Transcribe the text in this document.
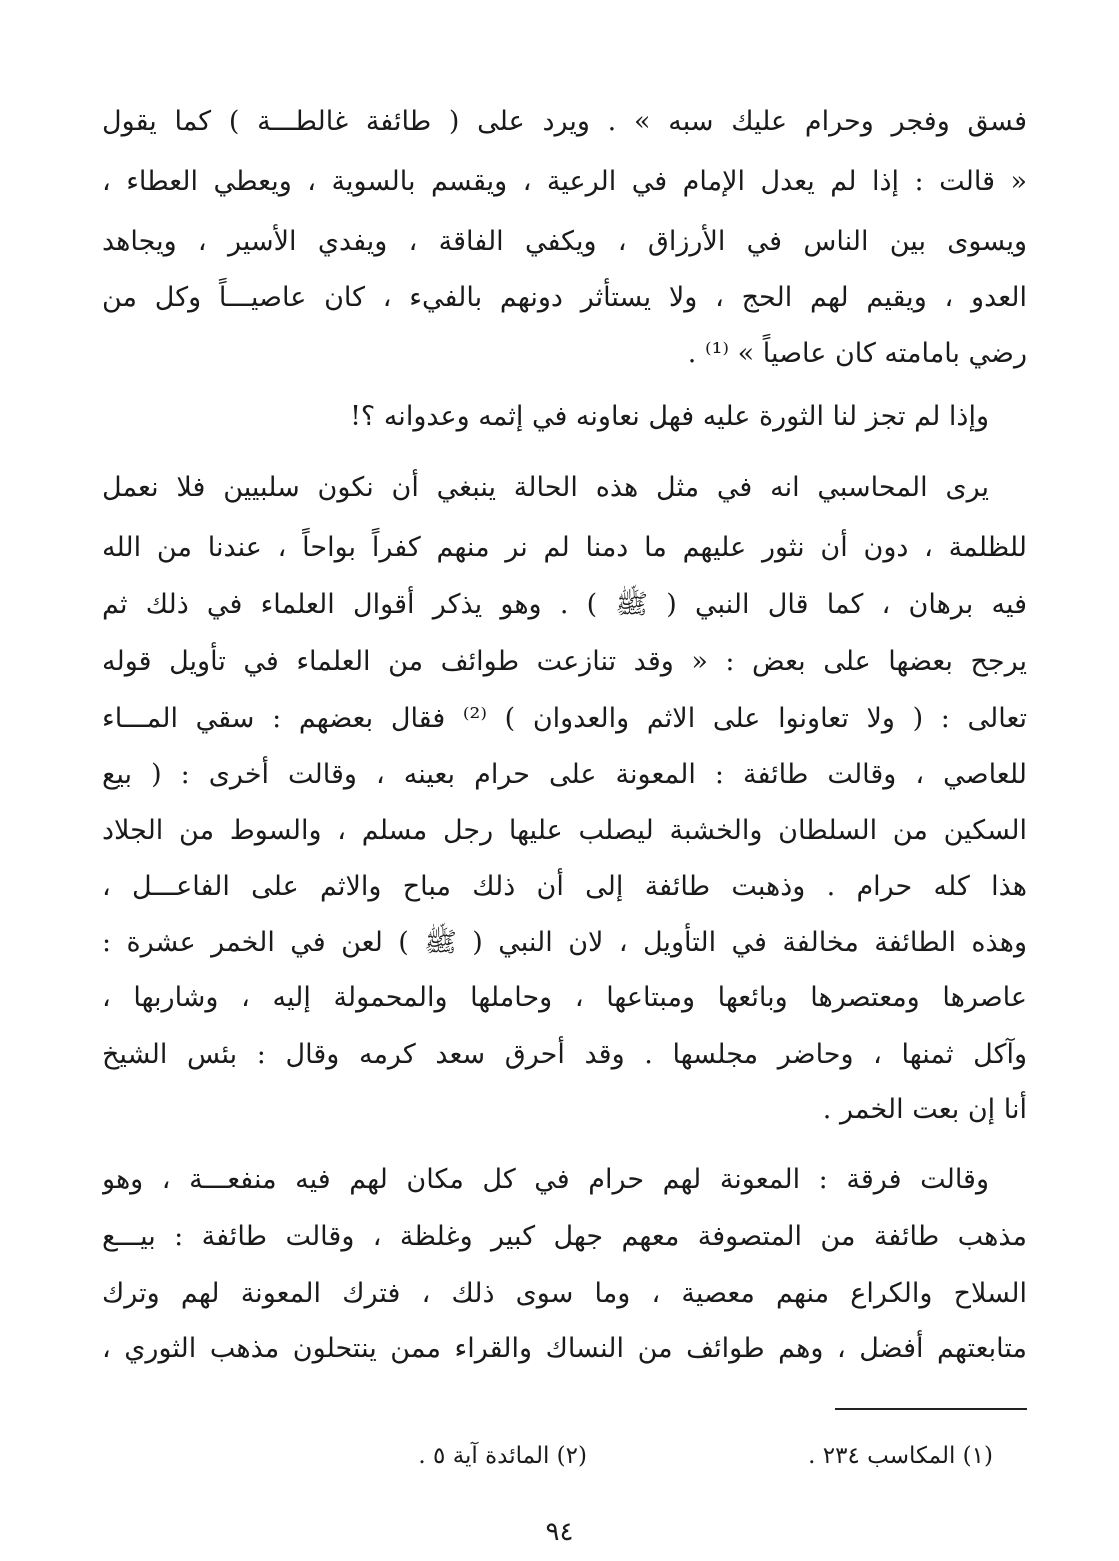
فسق وفجر وحرام عليك سبه » . ويرد على ( طائفة غالطـــة ) كما يقول
« قالت : إذا لم يعدل الإمام في الرعية ، ويقسم بالسوية ، ويعطي العطاء ،
ويسوى بين الناس في الأرزاق ، ويكفي الفاقة ، ويفدي الأسير ، ويجاهد
العدو ، ويقيم لهم الحج ، ولا يستأثر دونهم بالفيء ، كان عاصيـــاً وكل من
رضي بامامته كان عاصياً » ⁽¹⁾ .
وإذا لم تجز لنا الثورة عليه فهل نعاونه في إثمه وعدوانه ؟!
يرى المحاسبي انه في مثل هذه الحالة ينبغي أن نكون سلبيين فلا نعمل
للظلمة ، دون أن نثور عليهم ما دمنا لم نر منهم كفراً بواحاً ، عندنا من الله
فيه برهان ، كما قال النبي ( ﷺ ) . وهو يذكر أقوال العلماء في ذلك ثم
يرجح بعضها على بعض : « وقد تنازعت طوائف من العلماء في تأويل قوله
تعالى : ( ولا تعاونوا على الاثم والعدوان ) ⁽²⁾ فقال بعضهم : سقي المـــاء
للعاصي ، وقالت طائفة : المعونة على حرام بعينه ، وقالت أخرى : ( بيع
السكين من السلطان والخشبة ليصلب عليها رجل مسلم ، والسوط من الجلاد
هذا كله حرام . وذهبت طائفة إلى أن ذلك مباح والاثم على الفاعـــل ،
وهذه الطائفة مخالفة في التأويل ، لان النبي ( ﷺ ) لعن في الخمر عشرة :
عاصرها ومعتصرها وبائعها ومبتاعها ، وحاملها والمحمولة إليه ، وشاربها ،
وآكل ثمنها ، وحاضر مجلسها . وقد أحرق سعد كرمه وقال : بئس الشيخ
أنا إن بعت الخمر .
وقالت فرقة : المعونة لهم حرام في كل مكان لهم فيه منفعـــة ، وهو
مذهب طائفة من المتصوفة معهم جهل كبير وغلظة ، وقالت طائفة : بيـــع
السلاح والكراع منهم معصية ، وما سوى ذلك ، فترك المعونة لهم وترك
متابعتهم أفضل ، وهم طوائف من النساك والقراء ممن ينتحلون مذهب الثوري ،
(١) المكاسب ٢٣٤ .
(٢) المائدة آية ٥ .
٩٤
